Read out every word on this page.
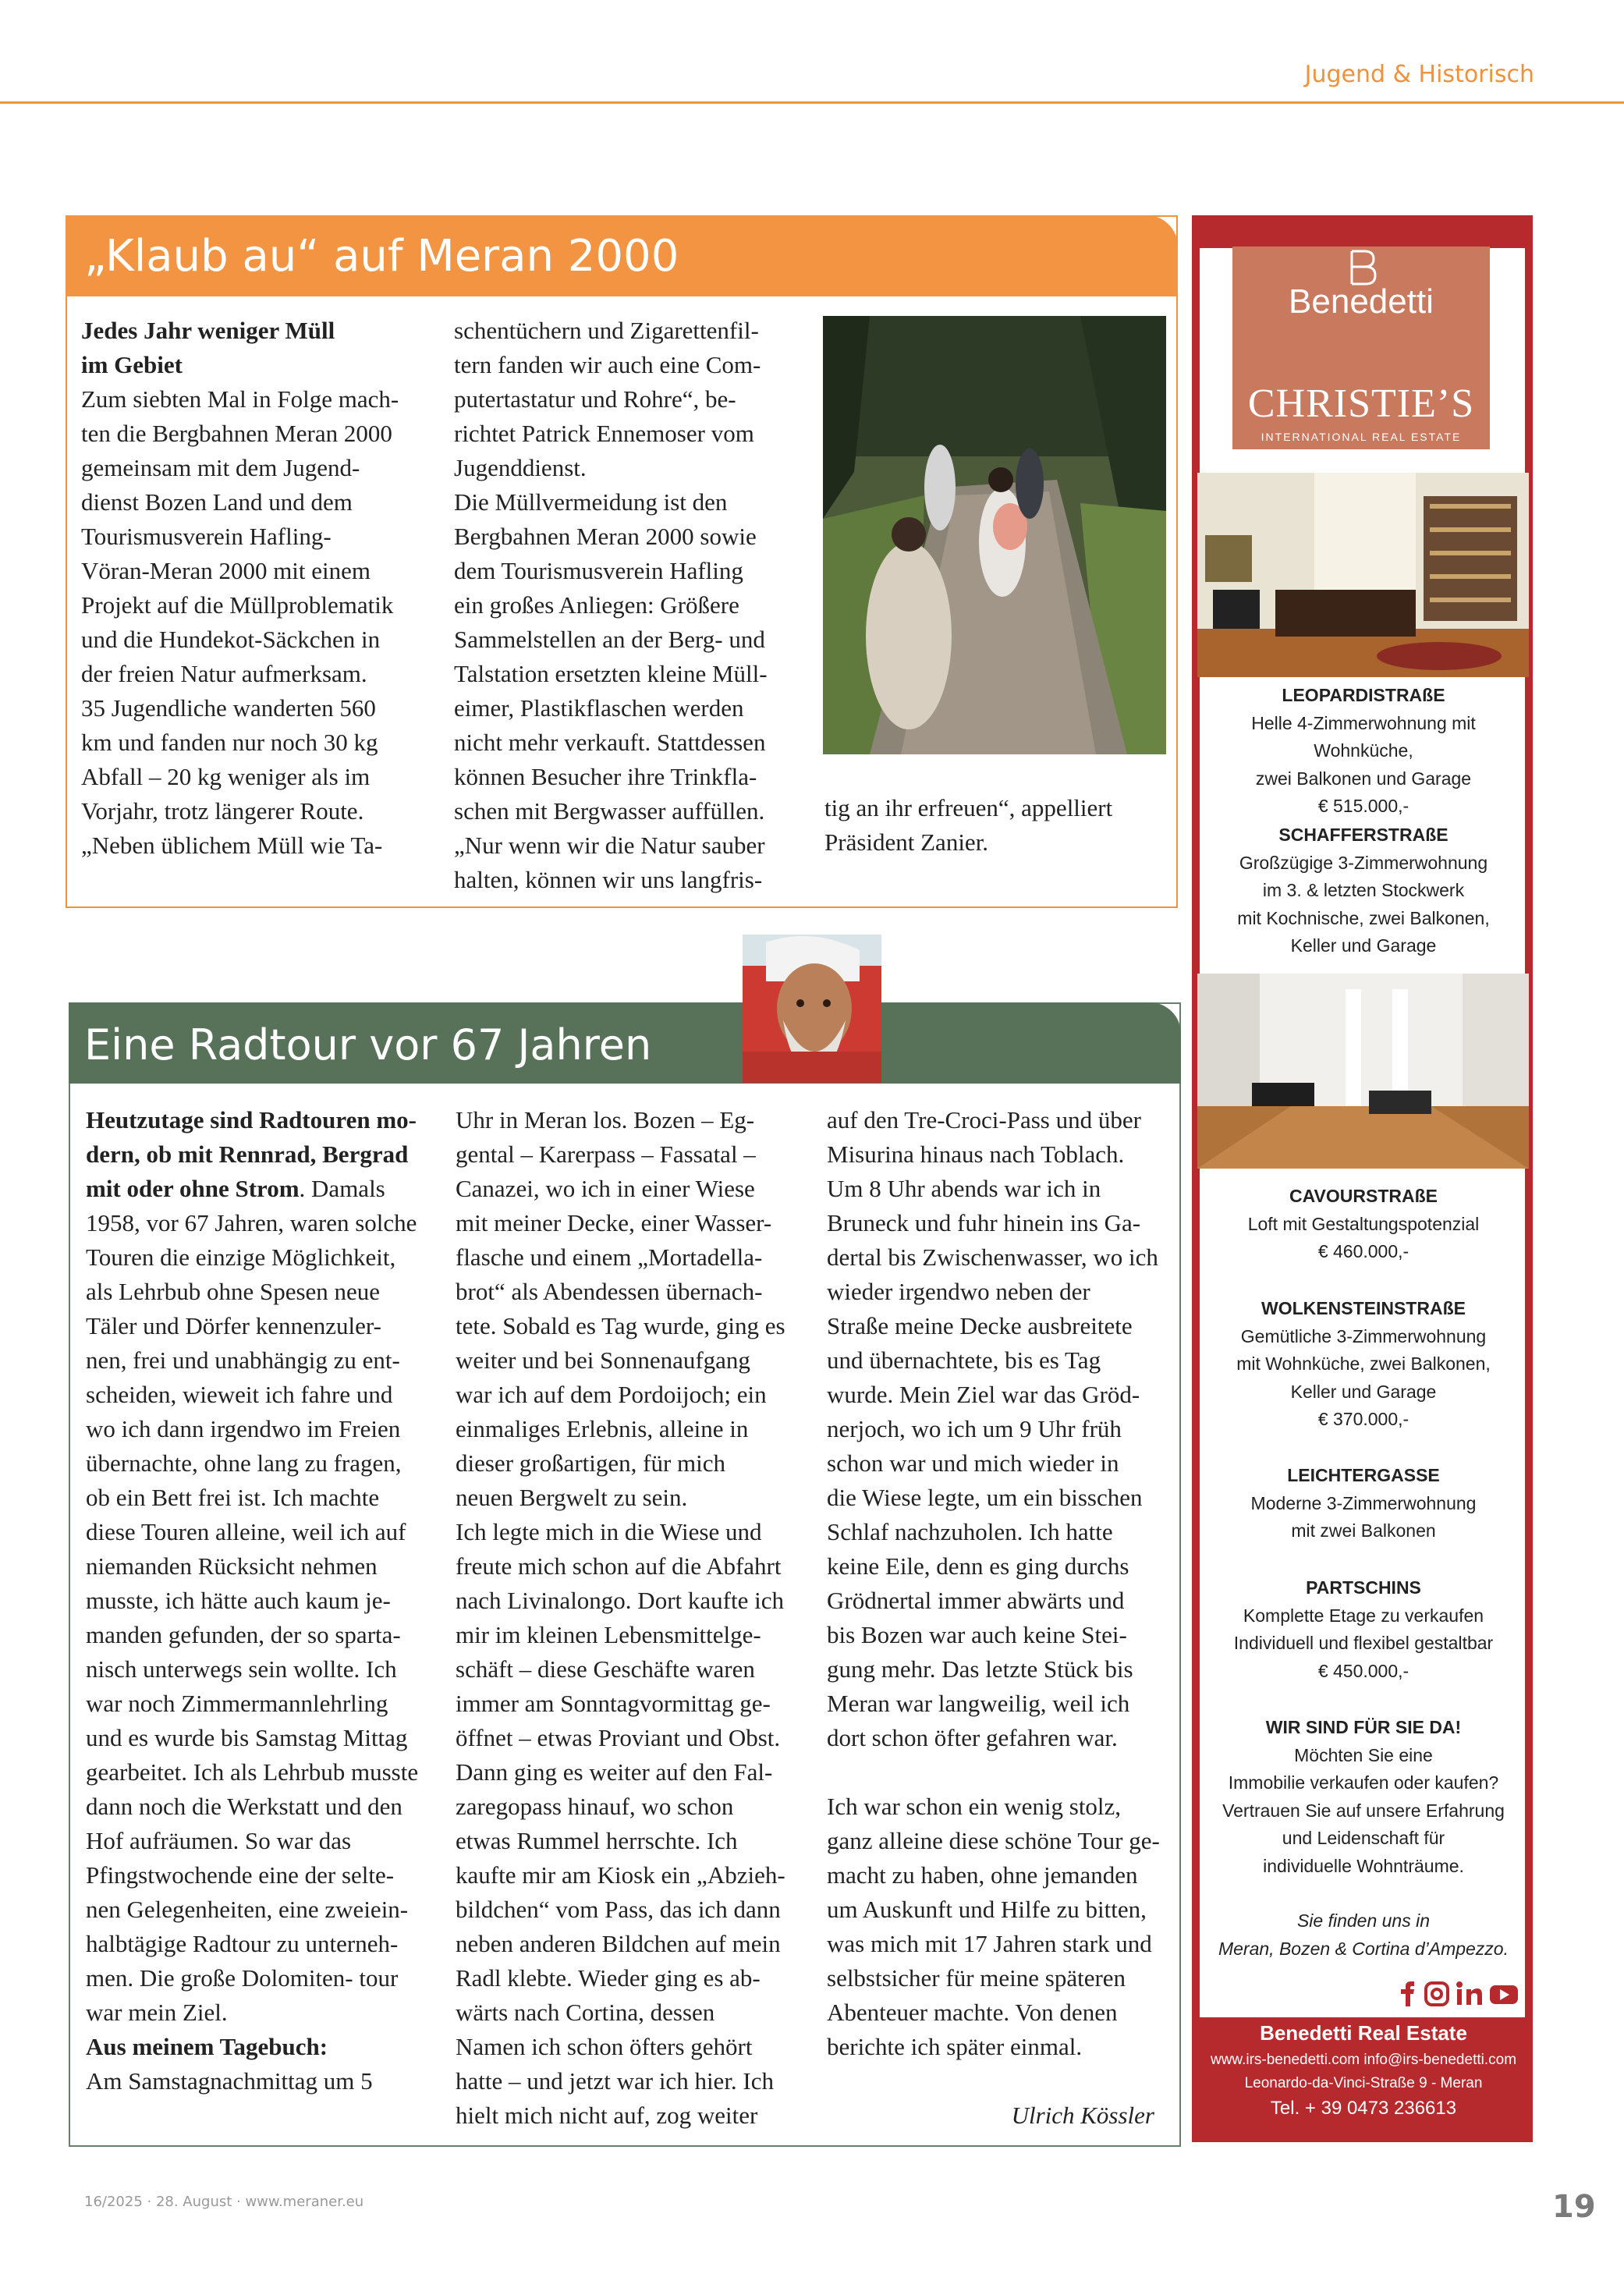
Jugend & Historisch
„Klaub au“ auf Meran 2000
Jedes Jahr weniger Müll
im Gebiet
Zum siebten Mal in Folge mach-
ten die Bergbahnen Meran 2000
gemeinsam mit dem Jugend-
dienst Bozen Land und dem
Tourismusverein Hafling-
Vöran-Meran 2000 mit einem
Projekt auf die Müllproblematik
und die Hundekot-Säckchen in
der freien Natur aufmerksam.
35 Jugendliche wanderten 560
km und fanden nur noch 30 kg
Abfall – 20 kg weniger als im
Vorjahr, trotz längerer Route.
„Neben üblichem Müll wie Ta-
schentüchern und Zigarettenfil-
tern fanden wir auch eine Com-
putertastatur und Rohre“, be-
richtet Patrick Ennemoser vom
Jugenddienst.
Die Müllvermeidung ist den
Bergbahnen Meran 2000 sowie
dem Tourismusverein Hafling
ein großes Anliegen: Größere
Sammelstellen an der Berg- und
Talstation ersetzten kleine Müll-
eimer, Plastikflaschen werden
nicht mehr verkauft. Stattdessen
können Besucher ihre Trinkfla-
schen mit Bergwasser auffüllen.
„Nur wenn wir die Natur sauber
halten, können wir uns langfris-
tig an ihr erfreuen“, appelliert
Präsident Zanier.
Eine Radtour vor 67 Jahren
Heutzutage sind Radtouren mo-
dern, ob mit Rennrad, Bergrad
mit oder ohne Strom. Damals
1958, vor 67 Jahren, waren solche
Touren die einzige Möglichkeit,
als Lehrbub ohne Spesen neue
Täler und Dörfer kennenzuler-
nen, frei und unabhängig zu ent-
scheiden, wieweit ich fahre und
wo ich dann irgendwo im Freien
übernachte, ohne lang zu fragen,
ob ein Bett frei ist. Ich machte
diese Touren alleine, weil ich auf
niemanden Rücksicht nehmen
musste, ich hätte auch kaum je-
manden gefunden, der so sparta-
nisch unterwegs sein wollte. Ich
war noch Zimmermannlehrling
und es wurde bis Samstag Mittag
gearbeitet. Ich als Lehrbub musste
dann noch die Werkstatt und den
Hof aufräumen. So war das
Pfingstwochende eine der selte-
nen Gelegenheiten, eine zweiein-
halbtägige Radtour zu unterneh-
men. Die große Dolomiten- tour
war mein Ziel.
Aus meinem Tagebuch:
Am Samstagnachmittag um 5
Uhr in Meran los. Bozen – Eg-
gental – Karerpass – Fassatal –
Canazei, wo ich in einer Wiese
mit meiner Decke, einer Wasser-
flasche und einem „Mortadella-
brot“ als Abendessen übernach-
tete. Sobald es Tag wurde, ging es
weiter und bei Sonnenaufgang
war ich auf dem Pordoijoch; ein
einmaliges Erlebnis, alleine in
dieser großartigen, für mich
neuen Bergwelt zu sein.
Ich legte mich in die Wiese und
freute mich schon auf die Abfahrt
nach Livinalongo. Dort kaufte ich
mir im kleinen Lebensmittelge-
schäft – diese Geschäfte waren
immer am Sonntagvormittag ge-
öffnet – etwas Proviant und Obst.
Dann ging es weiter auf den Fal-
zaregopass hinauf, wo schon
etwas Rummel herrschte. Ich
kaufte mir am Kiosk ein „Abzieh-
bildchen“ vom Pass, das ich dann
neben anderen Bildchen auf mein
Radl klebte. Wieder ging es ab-
wärts nach Cortina, dessen
Namen ich schon öfters gehört
hatte – und jetzt war ich hier. Ich
hielt mich nicht auf, zog weiter
auf den Tre-Croci-Pass und über
Misurina hinaus nach Toblach.
Um 8 Uhr abends war ich in
Bruneck und fuhr hinein ins Ga-
dertal bis Zwischenwasser, wo ich
wieder irgendwo neben der
Straße meine Decke ausbreitete
und übernachtete, bis es Tag
wurde. Mein Ziel war das Gröd-
nerjoch, wo ich um 9 Uhr früh
schon war und mich wieder in
die Wiese legte, um ein bisschen
Schlaf nachzuholen. Ich hatte
keine Eile, denn es ging durchs
Grödnertal immer abwärts und
bis Bozen war auch keine Stei-
gung mehr. Das letzte Stück bis
Meran war langweilig, weil ich
dort schon öfter gefahren war.

Ich war schon ein wenig stolz,
ganz alleine diese schöne Tour ge-
macht zu haben, ohne jemanden
um Auskunft und Hilfe zu bitten,
was mich mit 17 Jahren stark und
selbstsicher für meine späteren
Abenteuer machte. Von denen
berichte ich später einmal.

Ulrich Kössler
Benedetti
CHRISTIE’S
INTERNATIONAL REAL ESTATE
LEOPARDISTRAßE
Helle 4-Zimmerwohnung mit Wohnküche,
zwei Balkonen und Garage
€ 515.000,-
SCHAFFERSTRAßE
Großzügige 3-Zimmerwohnung
im 3. & letzten Stockwerk
mit Kochnische, zwei Balkonen,
Keller und Garage
CAVOURSTRAßE
Loft mit Gestaltungspotenzial
€ 460.000,-
WOLKENSTEINSTRAßE
Gemütliche 3-Zimmerwohnung
mit Wohnküche, zwei Balkonen,
Keller und Garage
€ 370.000,-
LEICHTERGASSE
Moderne 3-Zimmerwohnung
mit zwei Balkonen
PARTSCHINS
Komplette Etage zu verkaufen
Individuell und flexibel gestaltbar
€ 450.000,-
WIR SIND FÜR SIE DA!
Möchten Sie eine
Immobilie verkaufen oder kaufen?
Vertrauen Sie auf unsere Erfahrung
und Leidenschaft für
individuelle Wohnträume.
Sie finden uns in
Meran, Bozen & Cortina d’Ampezzo.
Benedetti Real Estate
www.irs-benedetti.com info@irs-benedetti.com
Leonardo-da-Vinci-Straße 9 - Meran
Tel. + 39 0473 236613
16/2025 · 28. August · www.meraner.eu	19
